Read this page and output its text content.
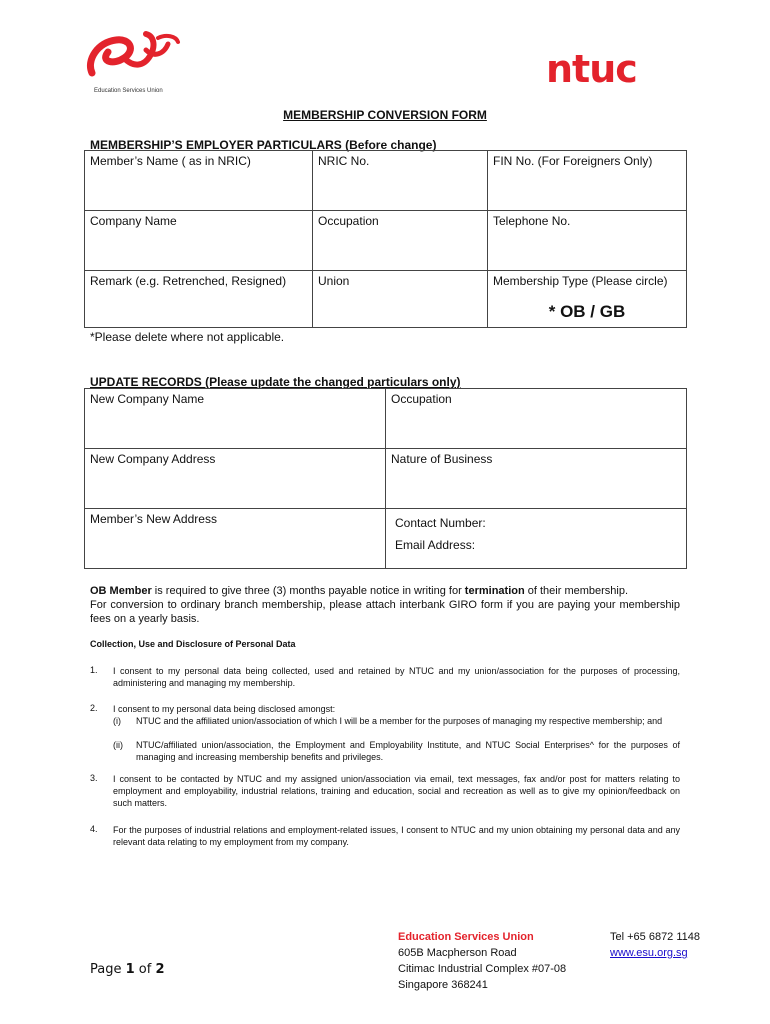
Education Services Union	ntuc
MEMBERSHIP CONVERSION FORM
MEMBERSHIP’S EMPLOYER PARTICULARS (Before change)
Member’s Name ( as in NRIC)	NRIC No.	FIN No. (For Foreigners Only)
Company Name	Occupation	Telephone No.
Remark (e.g. Retrenched, Resigned)	Union	Membership Type (Please circle)
* OB / GB
*Please delete where not applicable.
UPDATE RECORDS (Please update the changed particulars only)
New Company Name	Occupation
New Company Address	Nature of Business
Member’s New Address	Contact Number:
Email Address:
OB Member is required to give three (3) months payable notice in writing for termination of their membership.
For conversion to ordinary branch membership, please attach interbank GIRO form if you are paying your membership fees on a yearly basis.
Collection, Use and Disclosure of Personal Data
1. I consent to my personal data being collected, used and retained by NTUC and my union/association for the purposes of processing, administering and managing my membership.
2. I consent to my personal data being disclosed amongst:
(i) NTUC and the affiliated union/association of which I will be a member for the purposes of managing my respective membership; and
(ii) NTUC/affiliated union/association, the Employment and Employability Institute, and NTUC Social Enterprises^ for the purposes of managing and increasing membership benefits and privileges.
3. I consent to be contacted by NTUC and my assigned union/association via email, text messages, fax and/or post for matters relating to employment and employability, industrial relations, training and education, social and recreation as well as to give my opinion/feedback on such matters.
4. For the purposes of industrial relations and employment-related issues, I consent to NTUC and my union obtaining my personal data and any relevant data relating to my employment from my company.
Education Services Union
605B Macpherson Road
Citimac Industrial Complex #07-08
Singapore 368241
Tel +65 6872 1148
www.esu.org.sg
Page 1 of 2
